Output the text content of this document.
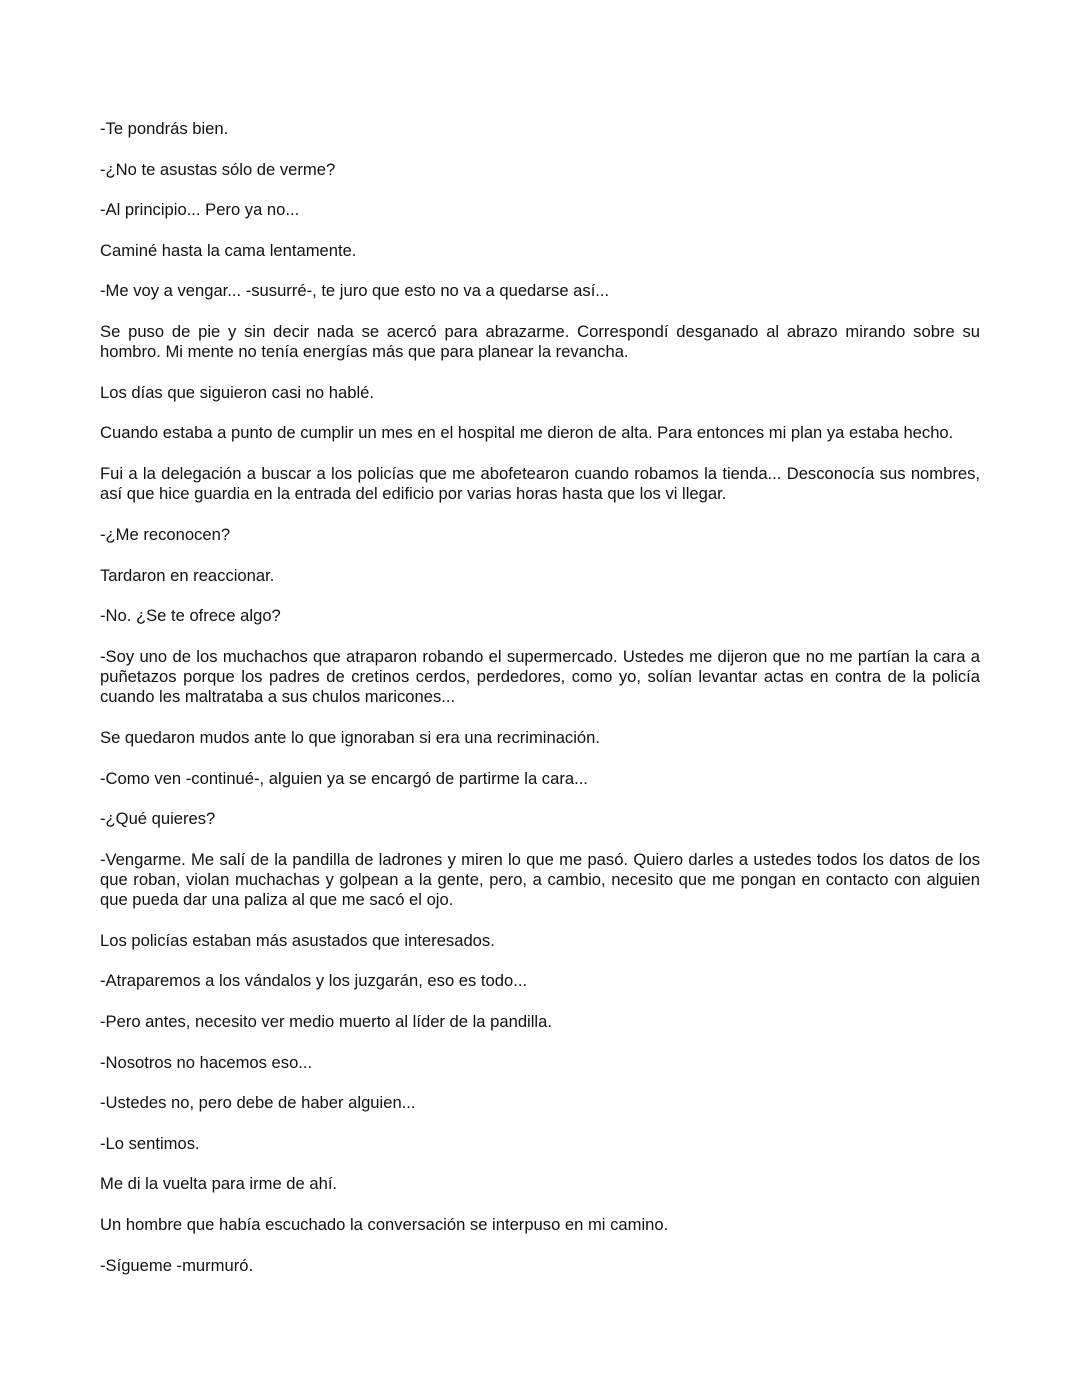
-Te pondrás bien.

-¿No te asustas sólo de verme?

-Al principio... Pero ya no...

Caminé hasta la cama lentamente.

-Me voy a vengar... -susurré-, te juro que esto no va a quedarse así...

Se puso de pie y sin decir nada se acercó para abrazarme. Correspondí desganado al abrazo mirando sobre su hombro. Mi mente no tenía energías más que para planear la revancha.

Los días que siguieron casi no hablé.

Cuando estaba a punto de cumplir un mes en el hospital me dieron de alta. Para entonces mi plan ya estaba hecho.

Fui a la delegación a buscar a los policías que me abofetearon cuando robamos la tienda... Desconocía sus nombres, así que hice guardia en la entrada del edificio por varias horas hasta que los vi llegar.

-¿Me reconocen?

Tardaron en reaccionar.

-No. ¿Se te ofrece algo?

-Soy uno de los muchachos que atraparon robando el supermercado. Ustedes me dijeron que no me partían la cara a puñetazos porque los padres de cretinos cerdos, perdedores, como yo, solían levantar actas en contra de la policía cuando les maltrataba a sus chulos maricones...

Se quedaron mudos ante lo que ignoraban si era una recriminación.

-Como ven -continué-, alguien ya se encargó de partirme la cara...

-¿Qué quieres?

-Vengarme. Me salí de la pandilla de ladrones y miren lo que me pasó. Quiero darles a ustedes todos los datos de los que roban, violan muchachas y golpean a la gente, pero, a cambio, necesito que me pongan en contacto con alguien que pueda dar una paliza al que me sacó el ojo.

Los policías estaban más asustados que interesados.

-Atraparemos a los vándalos y los juzgarán, eso es todo...

-Pero antes, necesito ver medio muerto al líder de la pandilla.

-Nosotros no hacemos eso...

-Ustedes no, pero debe de haber alguien...

-Lo sentimos.

Me di la vuelta para irme de ahí.

Un hombre que había escuchado la conversación se interpuso en mi camino.

-Sígueme -murmuró.
